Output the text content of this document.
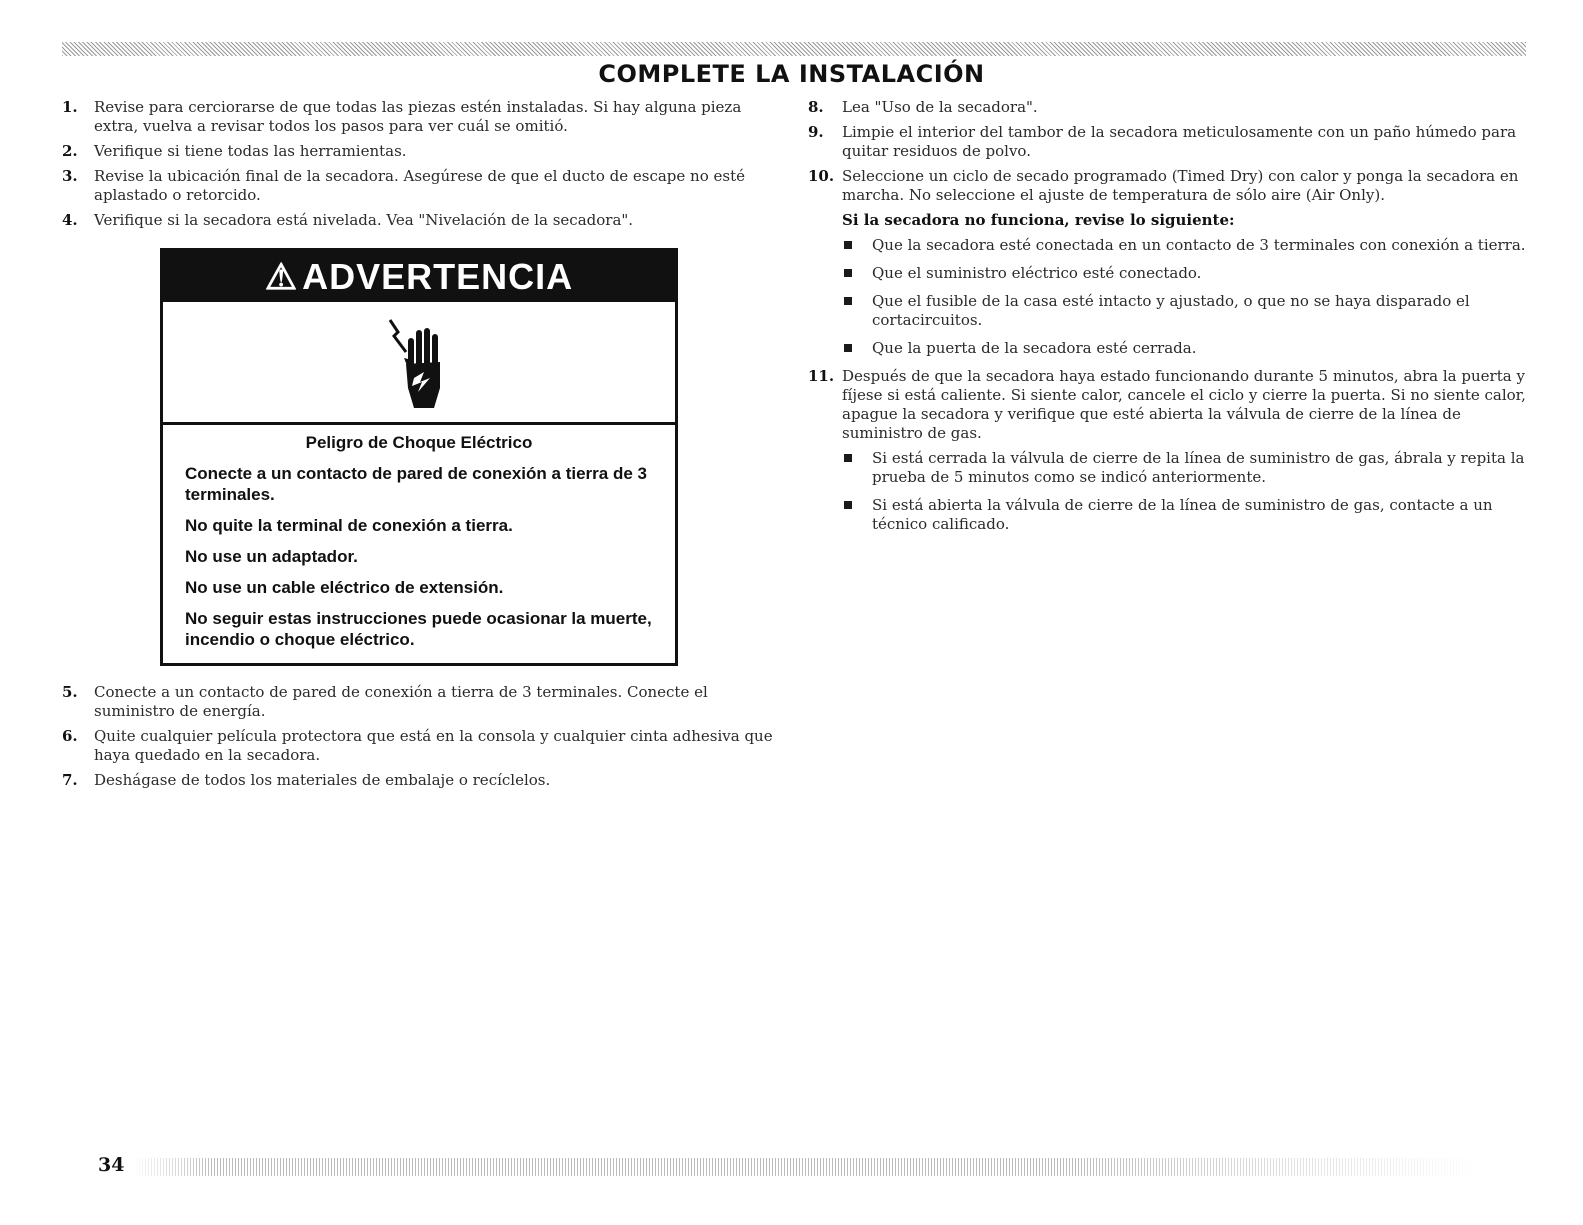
COMPLETE LA INSTALACIÓN
1. Revise para cerciorarse de que todas las piezas estén instaladas. Si hay alguna pieza extra, vuelva a revisar todos los pasos para ver cuál se omitió.
2. Verifique si tiene todas las herramientas.
3. Revise la ubicación final de la secadora. Asegúrese de que el ducto de escape no esté aplastado o retorcido.
4. Verifique si la secadora está nivelada. Vea "Nivelación de la secadora".
⚠ ADVERTENCIA
Peligro de Choque Eléctrico

Conecte a un contacto de pared de conexión a tierra de 3 terminales.

No quite la terminal de conexión a tierra.

No use un adaptador.

No use un cable eléctrico de extensión.

No seguir estas instrucciones puede ocasionar la muerte, incendio o choque eléctrico.

5. Conecte a un contacto de pared de conexión a tierra de 3 terminales. Conecte el suministro de energía.
6. Quite cualquier película protectora que está en la consola y cualquier cinta adhesiva que haya quedado en la secadora.
7. Deshágase de todos los materiales de embalaje o recíclelos.
8. Lea "Uso de la secadora".
9. Limpie el interior del tambor de la secadora meticulosamente con un paño húmedo para quitar residuos de polvo.
10. Seleccione un ciclo de secado programado (Timed Dry) con calor y ponga la secadora en marcha. No seleccione el ajuste de temperatura de sólo aire (Air Only).
Si la secadora no funciona, revise lo siguiente:
Que la secadora esté conectada en un contacto de 3 terminales con conexión a tierra.
Que el suministro eléctrico esté conectado.
Que el fusible de la casa esté intacto y ajustado, o que no se haya disparado el cortacircuitos.
Que la puerta de la secadora esté cerrada.
11. Después de que la secadora haya estado funcionando durante 5 minutos, abra la puerta y fíjese si está caliente. Si siente calor, cancele el ciclo y cierre la puerta. Si no siente calor, apague la secadora y verifique que esté abierta la válvula de cierre de la línea de suministro de gas.
Si está cerrada la válvula de cierre de la línea de suministro de gas, ábrala y repita la prueba de 5 minutos como se indicó anteriormente.
Si está abierta la válvula de cierre de la línea de suministro de gas, contacte a un técnico calificado.
34
